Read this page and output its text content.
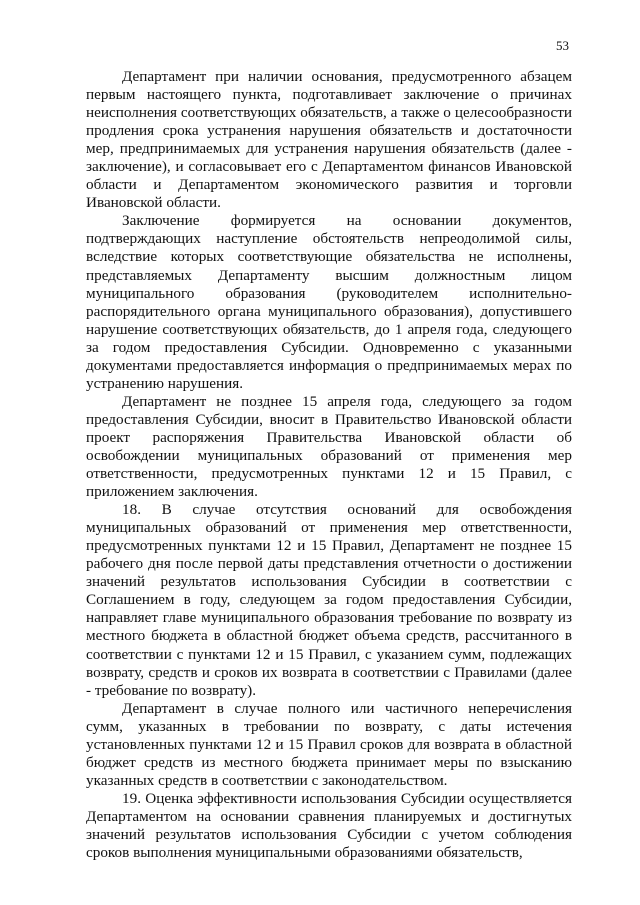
53

Департамент при наличии основания, предусмотренного абзацем первым настоящего пункта, подготавливает заключение о причинах неисполнения соответствующих обязательств, а также о целесообразности продления срока устранения нарушения обязательств и достаточности мер, предпринимаемых для устранения нарушения обязательств (далее - заключение), и согласовывает его с Департаментом финансов Ивановской области и Департаментом экономического развития и торговли Ивановской области.

Заключение формируется на основании документов, подтверждающих наступление обстоятельств непреодолимой силы, вследствие которых соответствующие обязательства не исполнены, представляемых Департаменту высшим должностным лицом муниципального образования (руководителем исполнительно-распорядительного органа муниципального образования), допустившего нарушение соответствующих обязательств, до 1 апреля года, следующего за годом предоставления Субсидии. Одновременно с указанными документами предоставляется информация о предпринимаемых мерах по устранению нарушения.

Департамент не позднее 15 апреля года, следующего за годом предоставления Субсидии, вносит в Правительство Ивановской области проект распоряжения Правительства Ивановской области об освобождении муниципальных образований от применения мер ответственности, предусмотренных пунктами 12 и 15 Правил, с приложением заключения.

18. В случае отсутствия оснований для освобождения муниципальных образований от применения мер ответственности, предусмотренных пунктами 12 и 15 Правил, Департамент не позднее 15 рабочего дня после первой даты представления отчетности о достижении значений результатов использования Субсидии в соответствии с Соглашением в году, следующем за годом предоставления Субсидии, направляет главе муниципального образования требование по возврату из местного бюджета в областной бюджет объема средств, рассчитанного в соответствии с пунктами 12 и 15 Правил, с указанием сумм, подлежащих возврату, средств и сроков их возврата в соответствии с Правилами (далее - требование по возврату).

Департамент в случае полного или частичного неперечисления сумм, указанных в требовании по возврату, с даты истечения установленных пунктами 12 и 15 Правил сроков для возврата в областной бюджет средств из местного бюджета принимает меры по взысканию указанных средств в соответствии с законодательством.

19. Оценка эффективности использования Субсидии осуществляется Департаментом на основании сравнения планируемых и достигнутых значений результатов использования Субсидии с учетом соблюдения сроков выполнения муниципальными образованиями обязательств,
